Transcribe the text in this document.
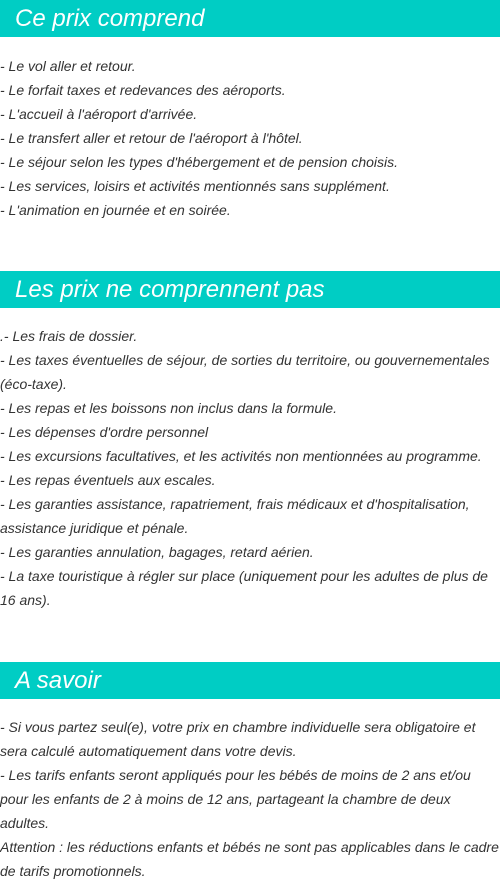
Ce prix comprend

- Le vol aller et retour.

- Le forfait taxes et redevances des aéroports.

- L'accueil à l'aéroport d'arrivée.

- Le transfert aller et retour de l'aéroport à l'hôtel.

- Le séjour selon les types d'hébergement et de pension choisis.

- Les services, loisirs et activités mentionnés sans supplément.

- L'animation en journée et en soirée.

Les prix ne comprennent pas

.- Les frais de dossier.

- Les taxes éventuelles de séjour, de sorties du territoire, ou gouvernementales (éco-taxe).

- Les repas et les boissons non inclus dans la formule.

- Les dépenses d'ordre personnel

- Les excursions facultatives, et les activités non mentionnées au programme.

- Les repas éventuels aux escales.

- Les garanties assistance, rapatriement, frais médicaux et d'hospitalisation, assistance juridique et pénale.

- Les garanties annulation, bagages, retard aérien.

- La taxe touristique à régler sur place (uniquement pour les adultes de plus de 16 ans).

A savoir

- Si vous partez seul(e), votre prix en chambre individuelle sera obligatoire et sera calculé automatiquement dans votre devis.

- Les tarifs enfants seront appliqués pour les bébés de moins de 2 ans et/ou pour les enfants de 2 à moins de 12 ans, partageant la chambre de deux adultes.

Attention : les réductions enfants et bébés ne sont pas applicables dans le cadre de tarifs promotionnels.
